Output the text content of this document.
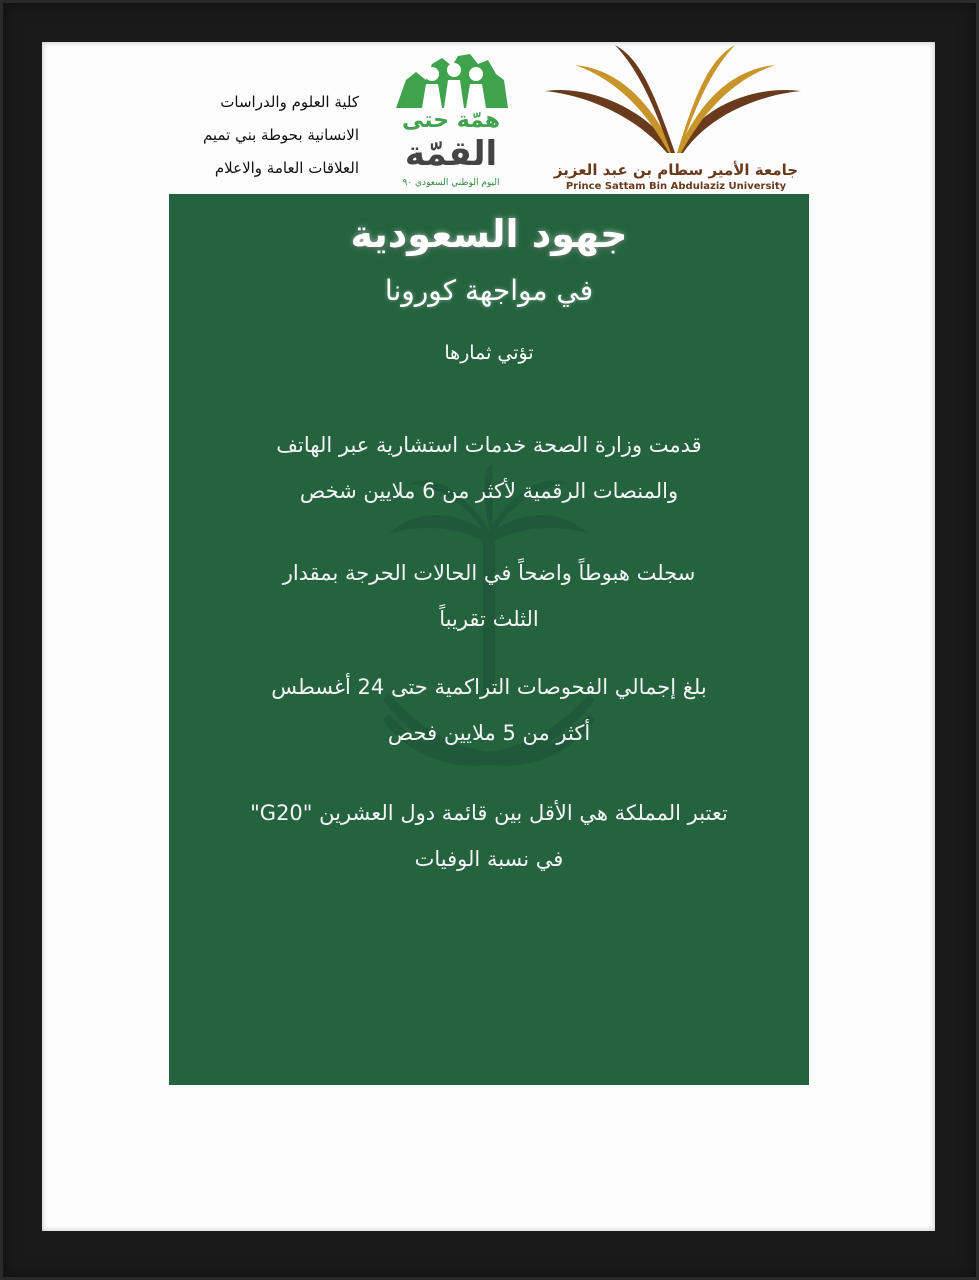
كلية العلوم والدراسات
الانسانية بحوطة بني تميم
العلاقات العامة والاعلام
همّة حتى
القمّة
اليوم الوطني السعودي ٩٠
جامعة الأمير سطام بن عبد العزيز
Prince Sattam Bin Abdulaziz University
جهود السعودية
في مواجهة كورونا
تؤتي ثمارها
قدمت وزارة الصحة خدمات استشارية عبر الهاتف
والمنصات الرقمية لأكثر من 6 ملايين شخص
سجلت هبوطاً واضحاً في الحالات الحرجة بمقدار
الثلث تقريباً
بلغ إجمالي الفحوصات التراكمية حتى 24 أغسطس
أكثر من 5 ملايين فحص
تعتبر المملكة هي الأقل بين قائمة دول العشرين "G20"
في نسبة الوفيات
